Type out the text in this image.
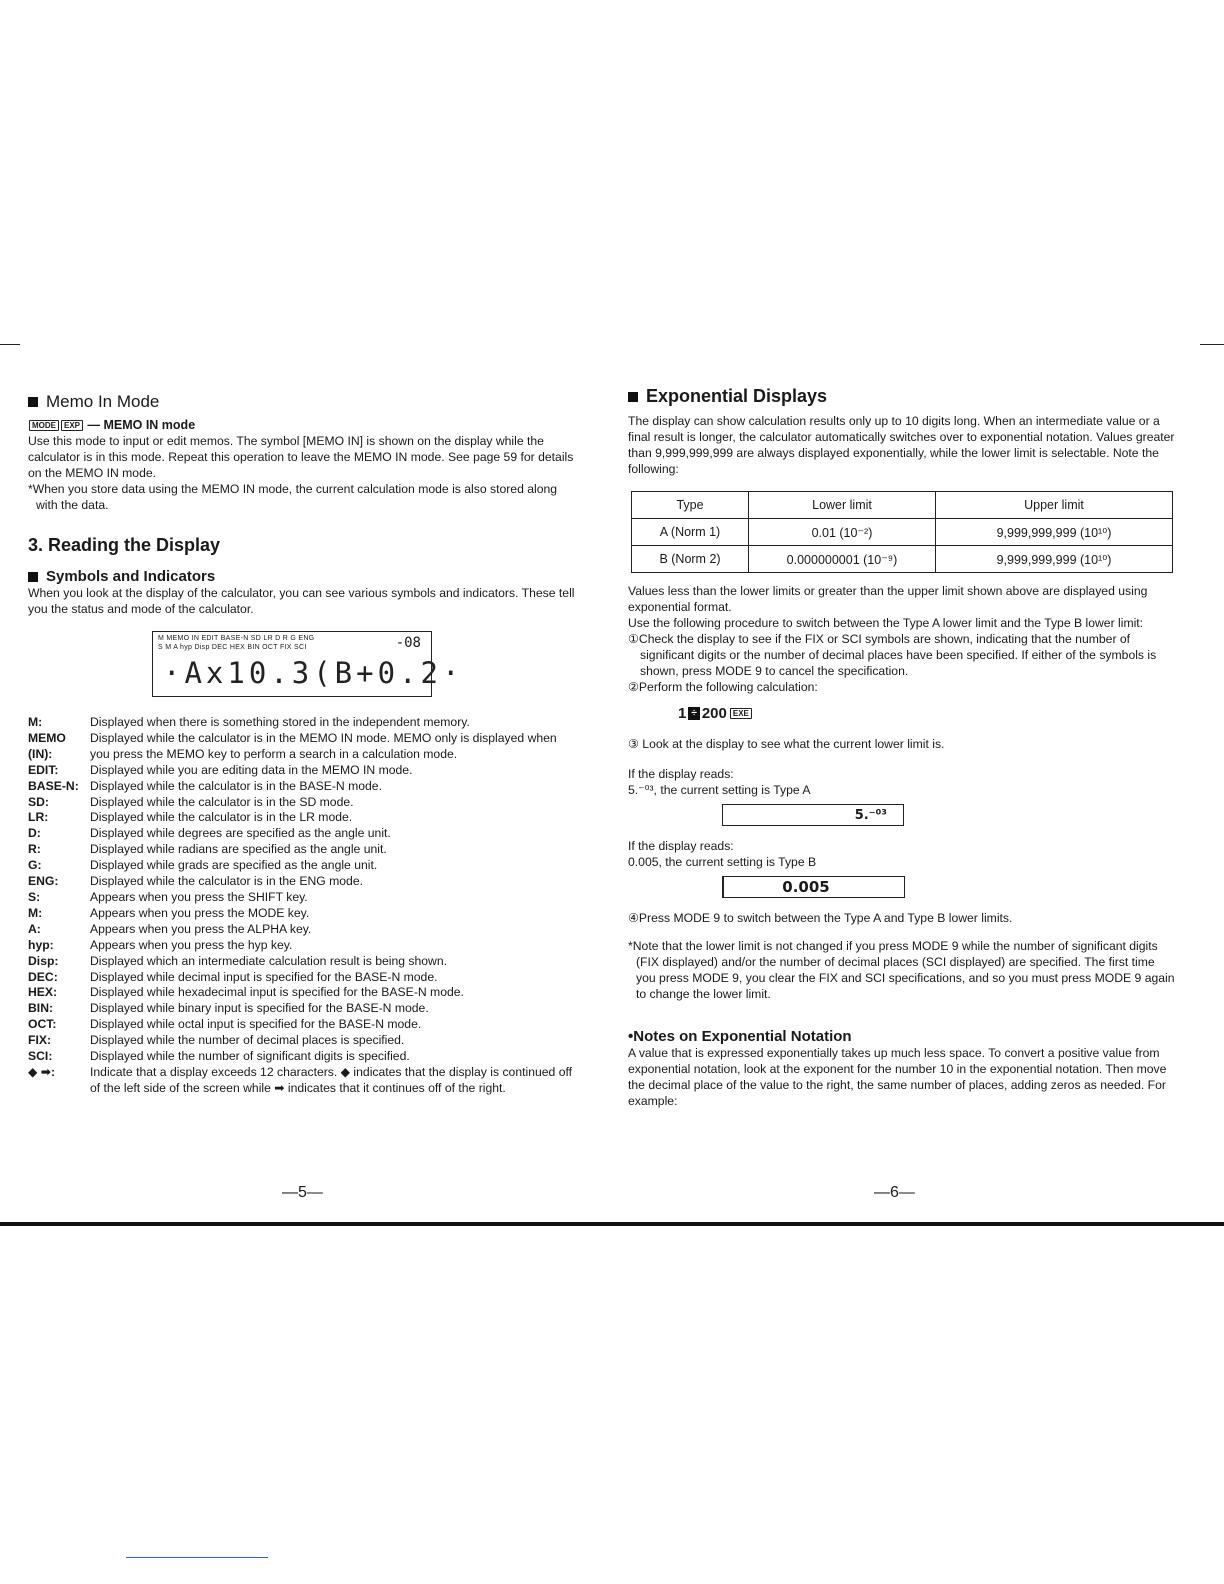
Memo In Mode
MODE EXP — MEMO IN mode

Use this mode to input or edit memos. The symbol [MEMO IN] is shown on the display while the calculator is in this mode. Repeat this operation to leave the MEMO IN mode. See page 59 for details on the MEMO IN mode.

*When you store data using the MEMO IN mode, the current calculation mode is also stored along with the data.

3. Reading the Display
Symbols and Indicators

When you look at the display of the calculator, you can see various symbols and indicators. These tell you the status and mode of the calculator.

M MEMO IN EDIT BASE-N SD LR D R G ENG
S M A hyp Disp DEC HEX BIN OCT FIX SCI	-08
·Ax10.3(B+0.2·
M:	Displayed when there is something stored in the independent memory.
MEMO (IN):
Displayed while the calculator is in the MEMO IN mode. MEMO only is displayed when you press the MEMO key to perform a search in a calculation mode.
EDIT:	Displayed while you are editing data in the MEMO IN mode.
BASE-N: Displayed while the calculator is in the BASE-N mode.
SD:	Displayed while the calculator is in the SD mode.
LR:	Displayed while the calculator is in the LR mode.
D:	Displayed while degrees are specified as the angle unit.
R:	Displayed while radians are specified as the angle unit.
G:	Displayed while grads are specified as the angle unit.
ENG:	Displayed while the calculator is in the ENG mode.
S:	Appears when you press the SHIFT key.
M:	Appears when you press the MODE key.
A:	Appears when you press the ALPHA key.
hyp:	Appears when you press the hyp key.
Disp:	Displayed which an intermediate calculation result is being shown.
DEC:	Displayed while decimal input is specified for the BASE-N mode.
HEX:	Displayed while hexadecimal input is specified for the BASE-N mode.
BIN:	Displayed while binary input is specified for the BASE-N mode.
OCT:	Displayed while octal input is specified for the BASE-N mode.
FIX:	Displayed while the number of decimal places is specified.
SCI:	Displayed while the number of significant digits is specified.
◆ ➡:	Indicate that a display exceeds 12 characters. ◆ indicates that the display is continued off of the left side of the screen while ➡ indicates that it continues off of the right.
—5—
Exponential Displays

The display can show calculation results only up to 10 digits long. When an intermediate value or a final result is longer, the calculator automatically switches over to exponential notation. Values greater than 9,999,999,999 are always displayed exponentially, while the lower limit is selectable. Note the following:

Type	Lower limit	Upper limit
A (Norm 1)	0.01 (10⁻²)	9,999,999,999 (10¹⁰)
B (Norm 2)	0.000000001 (10⁻⁹)	9,999,999,999 (10¹⁰)

Values less than the lower limits or greater than the upper limit shown above are displayed using exponential format.

Use the following procedure to switch between the Type A lower limit and the Type B lower limit:

①Check the display to see if the FIX or SCI symbols are shown, indicating that the number of significant digits or the number of decimal places have been specified. If either of the symbols is shown, press MODE 9 to cancel the specification.

②Perform the following calculation:

1 ÷ 200 EXE

③ Look at the display to see what the current lower limit is.

If the display reads:

5.⁻⁰³, the current setting is Type A

5.⁻⁰³

If the display reads:

0.005, the current setting is Type B

0.005

④Press MODE 9 to switch between the Type A and Type B lower limits.

*Note that the lower limit is not changed if you press MODE 9 while the number of significant digits (FIX displayed) and/or the number of decimal places (SCI displayed) are specified. The first time you press MODE 9, you clear the FIX and SCI specifications, and so you must press MODE 9 again to change the lower limit.

•Notes on Exponential Notation

A value that is expressed exponentially takes up much less space. To convert a positive value from exponential notation, look at the exponent for the number 10 in the exponential notation. Then move the decimal place of the value to the right, the same number of places, adding zeros as needed. For example:

—6—
